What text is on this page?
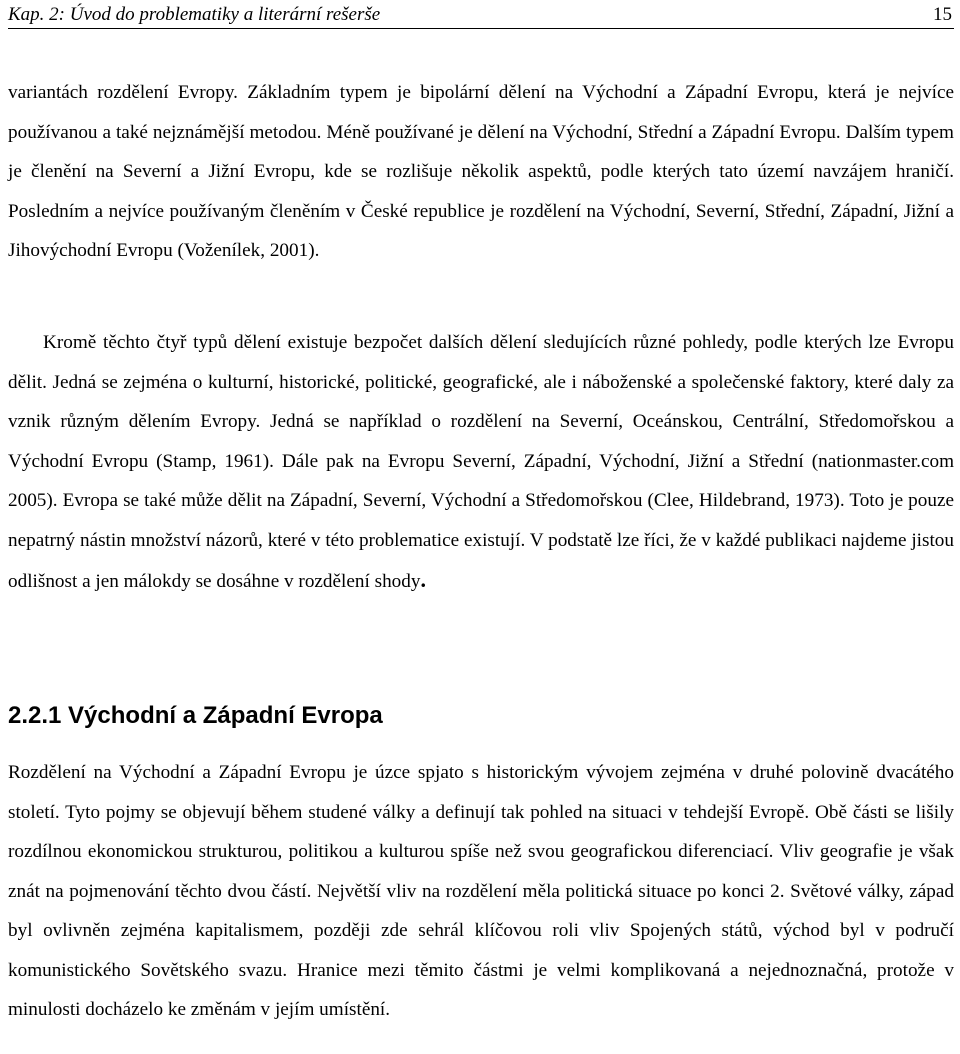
Kap. 2: Úvod do problematiky a literární rešerše	15

variantách rozdělení Evropy. Základním typem je bipolární dělení na Východní a Západní Evropu, která je nejvíce používanou a také nejznámější metodou. Méně používané je dělení na Východní, Střední a Západní Evropu. Dalším typem je členění na Severní a Jižní Evropu, kde se rozlišuje několik aspektů, podle kterých tato území navzájem hraničí. Posledním a nejvíce používaným členěním v České republice je rozdělení na Východní, Severní, Střední, Západní, Jižní a Jihovýchodní Evropu (Voženílek, 2001).

Kromě těchto čtyř typů dělení existuje bezpočet dalších dělení sledujících různé pohledy, podle kterých lze Evropu dělit. Jedná se zejména o kulturní, historické, politické, geografické, ale i náboženské a společenské faktory, které daly za vznik různým dělením Evropy. Jedná se například o rozdělení na Severní, Oceánskou, Centrální, Středomořskou a Východní Evropu (Stamp, 1961). Dále pak na Evropu Severní, Západní, Východní, Jižní a Střední (nationmaster.com 2005). Evropa se také může dělit na Západní, Severní, Východní a Středomořskou (Clee, Hildebrand, 1973). Toto je pouze nepatrný nástin množství názorů, které v této problematice existují. V podstatě lze říci, že v každé publikaci najdeme jistou odlišnost a jen málokdy se dosáhne v rozdělení shody.

2.2.1 Východní a Západní Evropa

Rozdělení na Východní a Západní Evropu je úzce spjato s historickým vývojem zejména v druhé polovině dvacátého století. Tyto pojmy se objevují během studené války a definují tak pohled na situaci v tehdejší Evropě. Obě části se lišily rozdílnou ekonomickou strukturou, politikou a kulturou spíše než svou geografickou diferenciací. Vliv geografie je však znát na pojmenování těchto dvou částí. Největší vliv na rozdělení měla politická situace po konci 2. Světové války, západ byl ovlivněn zejména kapitalismem, později zde sehrál klíčovou roli vliv Spojených států, východ byl v područí komunistického Sovětského svazu. Hranice mezi těmito částmi je velmi komplikovaná a nejednoznačná, protože v minulosti docházelo ke změnám v jejím umístění.
